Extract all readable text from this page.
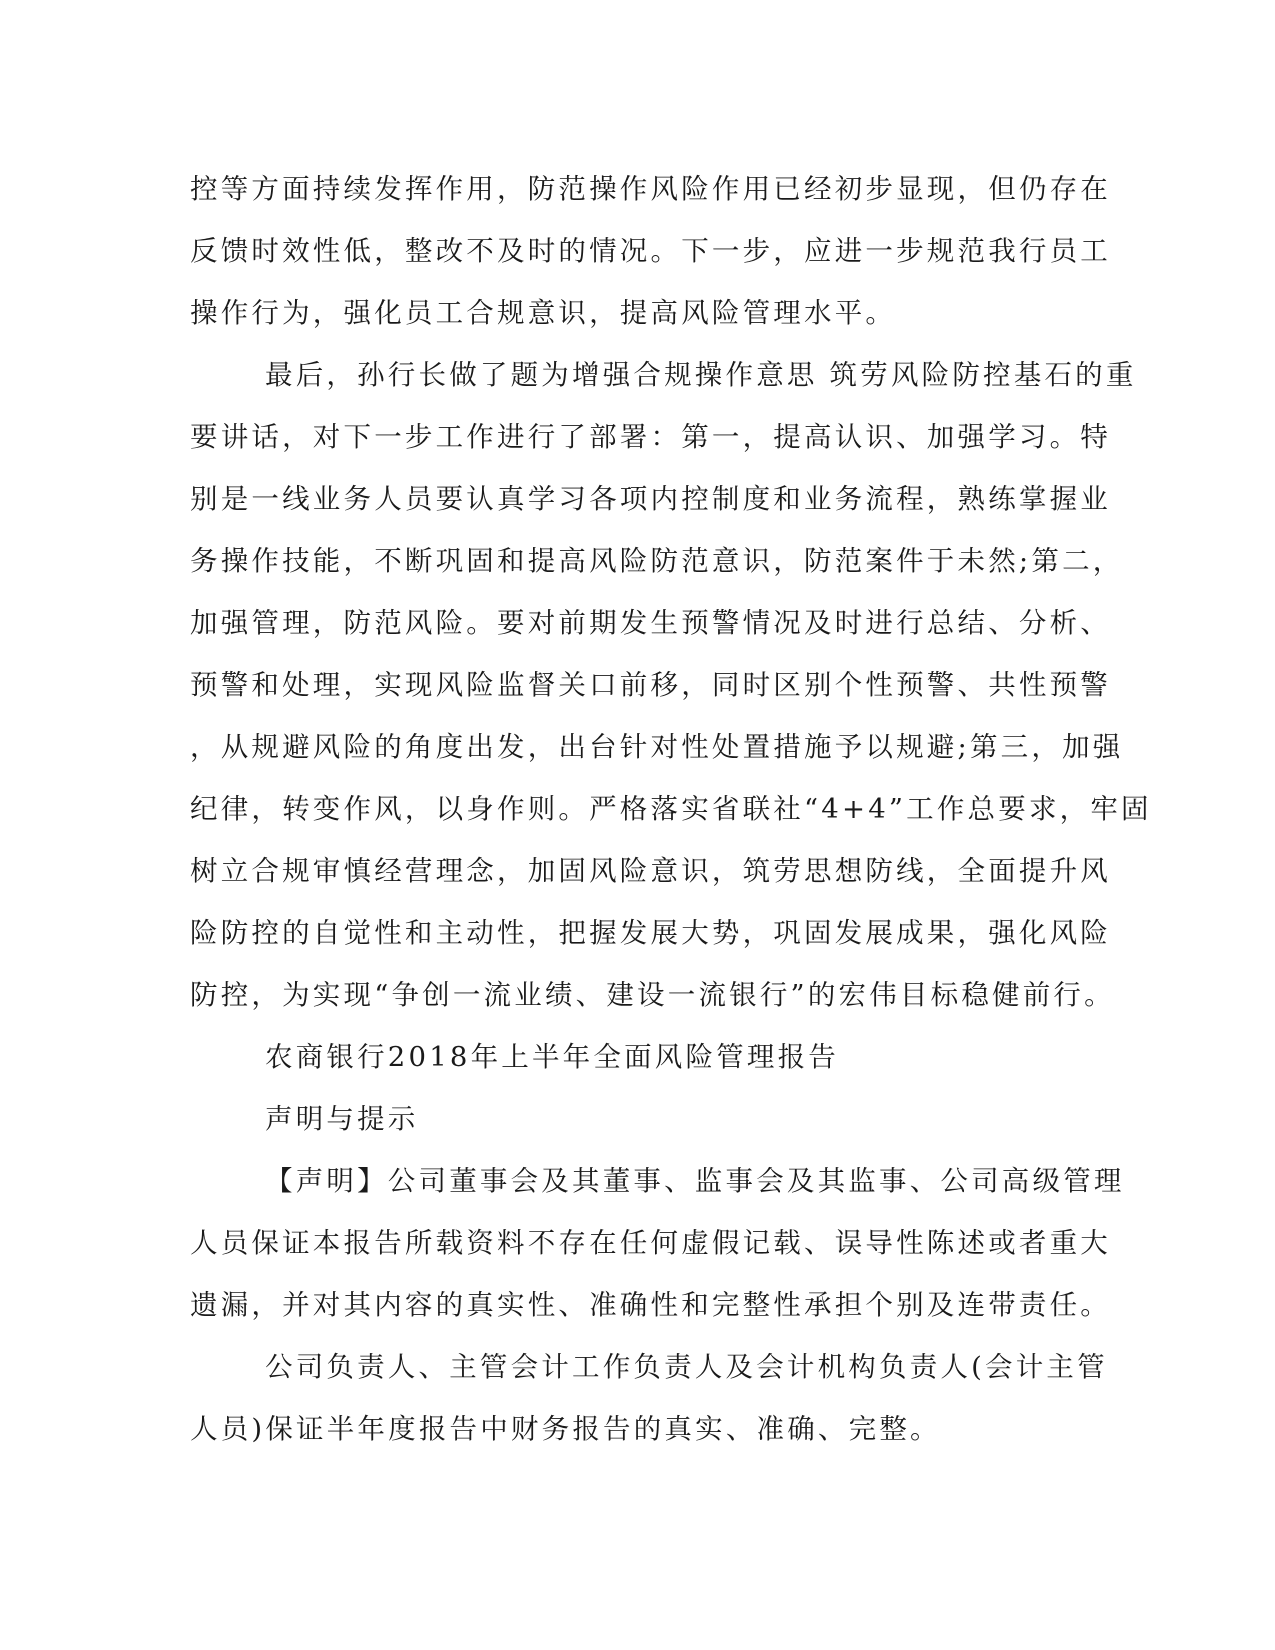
控等方面持续发挥作用，防范操作风险作用已经初步显现，但仍存在

反馈时效性低，整改不及时的情况。下一步，应进一步规范我行员工

操作行为，强化员工合规意识，提高风险管理水平。

最后，孙行长做了题为增强合规操作意思 筑劳风险防控基石的重

要讲话，对下一步工作进行了部署：第一，提高认识、加强学习。特

别是一线业务人员要认真学习各项内控制度和业务流程，熟练掌握业

务操作技能，不断巩固和提高风险防范意识，防范案件于未然;第二，

加强管理，防范风险。要对前期发生预警情况及时进行总结、分析、

预警和处理，实现风险监督关口前移，同时区别个性预警、共性预警

，从规避风险的角度出发，出台针对性处置措施予以规避;第三，加强

纪律，转变作风，以身作则。严格落实省联社“4+4”工作总要求，牢固

树立合规审慎经营理念，加固风险意识，筑劳思想防线，全面提升风

险防控的自觉性和主动性，把握发展大势，巩固发展成果，强化风险

防控，为实现“争创一流业绩、建设一流银行”的宏伟目标稳健前行。

农商银行2018年上半年全面风险管理报告

声明与提示

【声明】公司董事会及其董事、监事会及其监事、公司高级管理

人员保证本报告所载资料不存在任何虚假记载、误导性陈述或者重大

遗漏，并对其内容的真实性、准确性和完整性承担个别及连带责任。

公司负责人、主管会计工作负责人及会计机构负责人(会计主管

人员)保证半年度报告中财务报告的真实、准确、完整。
